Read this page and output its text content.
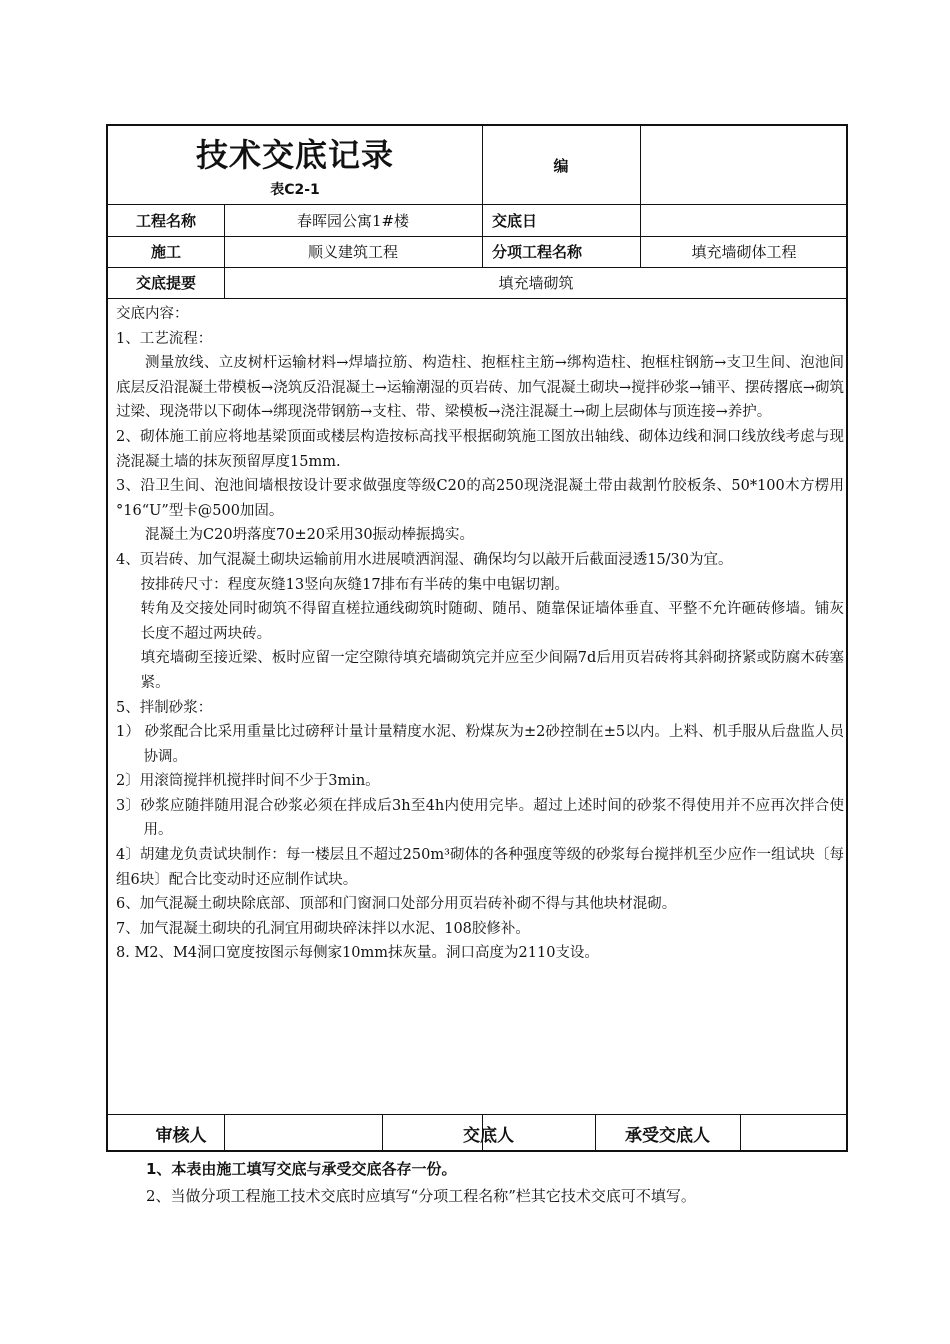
技术交底记录
表C2-1
编
工程名称	春晖园公寓1#楼	交底日
施工	顺义建筑工程	分项工程名称	填充墙砌体工程
交底提要	填充墙砌筑

交底内容：

1、工艺流程：

测量放线、立皮树杆运输材料→焊墙拉筋、构造柱、抱框柱主筋→绑构造柱、抱框柱钢筋→支卫生间、泡池间底层反沿混凝土带模板→浇筑反沿混凝土→运输潮湿的页岩砖、加气混凝土砌块→搅拌砂浆→铺平、摆砖撂底→砌筑过梁、现浇带以下砌体→绑现浇带钢筋→支柱、带、梁模板→浇注混凝土→砌上层砌体与顶连接→养护。

2、砌体施工前应将地基梁顶面或楼层构造按标高找平根据砌筑施工图放出轴线、砌体边线和洞口线放线考虑与现浇混凝土墙的抹灰预留厚度15mm.

3、沿卫生间、泡池间墙根按设计要求做强度等级C20的高250现浇混凝土带由裁割竹胶板条、50*100木方楞用 °16“U”型卡@500加固。

混凝土为C20坍落度70±20采用30振动棒振捣实。

4、页岩砖、加气混凝土砌块运输前用水进展喷洒润湿、确保均匀以敲开后截面浸透15/30为宜。

按排砖尺寸：程度灰缝13竖向灰缝17排布有半砖的集中电锯切割。

转角及交接处同时砌筑不得留直槎拉通线砌筑时随砌、随吊、随靠保证墙体垂直、平整不允许砸砖修墙。铺灰长度不超过两块砖。

填充墙砌至接近梁、板时应留一定空隙待填充墙砌筑完并应至少间隔7d后用页岩砖将其斜砌挤紧或防腐木砖塞紧。

5、拌制砂浆：

1） 砂浆配合比采用重量比过磅秤计量计量精度水泥、粉煤灰为±2砂控制在±5以内。上料、机手服从后盘监人员协调。

2〕用滚筒搅拌机搅拌时间不少于3min。

3〕砂浆应随拌随用混合砂浆必须在拌成后3h至4h内使用完毕。超过上述时间的砂浆不得使用并不应再次拌合使用。

4〕胡建龙负责试块制作：每一楼层且不超过250m³砌体的各种强度等级的砂浆每台搅拌机至少应作一组试块〔每组6块〕配合比变动时还应制作试块。

6、加气混凝土砌块除底部、顶部和门窗洞口处部分用页岩砖补砌不得与其他块材混砌。

7、加气混凝土砌块的孔洞宜用砌块碎沫拌以水泥、108胶修补。

8. M2、M4洞口宽度按图示每侧家10mm抹灰量。洞口高度为2110支设。

审核人	交底人	承受交底人
1、本表由施工填写交底与承受交底各存一份。
2、当做分项工程施工技术交底时应填写“分项工程名称”栏其它技术交底可不填写。
